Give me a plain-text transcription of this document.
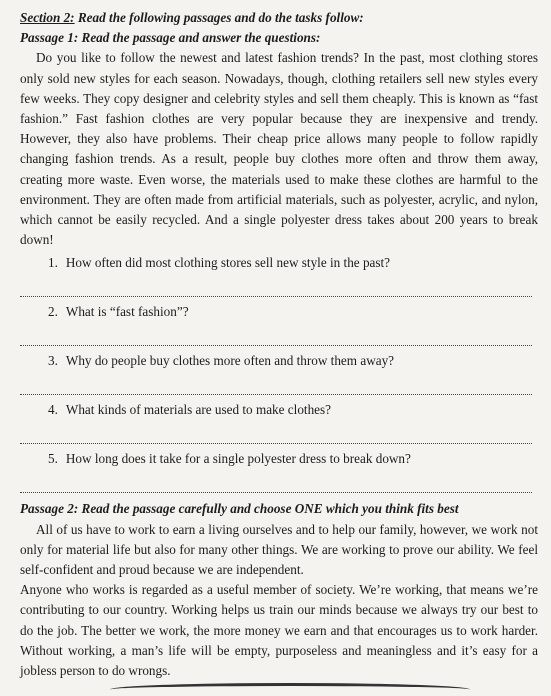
Section 2: Read the following passages and do the tasks follow:

Passage 1: Read the passage and answer the questions:

Do you like to follow the newest and latest fashion trends? In the past, most clothing stores only sold new styles for each season. Nowadays, though, clothing retailers sell new styles every few weeks. They copy designer and celebrity styles and sell them cheaply. This is known as “fast fashion.” Fast fashion clothes are very popular because they are inexpensive and trendy. However, they also have problems. Their cheap price allows many people to follow rapidly changing fashion trends. As a result, people buy clothes more often and throw them away, creating more waste. Even worse, the materials used to make these clothes are harmful to the environment. They are often made from artificial materials, such as polyester, acrylic, and nylon, which cannot be easily recycled. And a single polyester dress takes about 200 years to break down!

1. How often did most clothing stores sell new style in the past?
2. What is “fast fashion”?
3. Why do people buy clothes more often and throw them away?
4. What kinds of materials are used to make clothes?
5. How long does it take for a single polyester dress to break down?

Passage 2: Read the passage carefully and choose ONE which you think fits best

All of us have to work to earn a living ourselves and to help our family, however, we work not only for material life but also for many other things. We are working to prove our ability. We feel self-confident and proud because we are independent.

Anyone who works is regarded as a useful member of society. We’re working, that means we’re contributing to our country. Working helps us train our minds because we always try our best to do the job. The better we work, the more money we earn and that encourages us to work harder. Without working, a man’s life will be empty, purposeless and meaningless and it’s easy for a jobless person to do wrongs.
